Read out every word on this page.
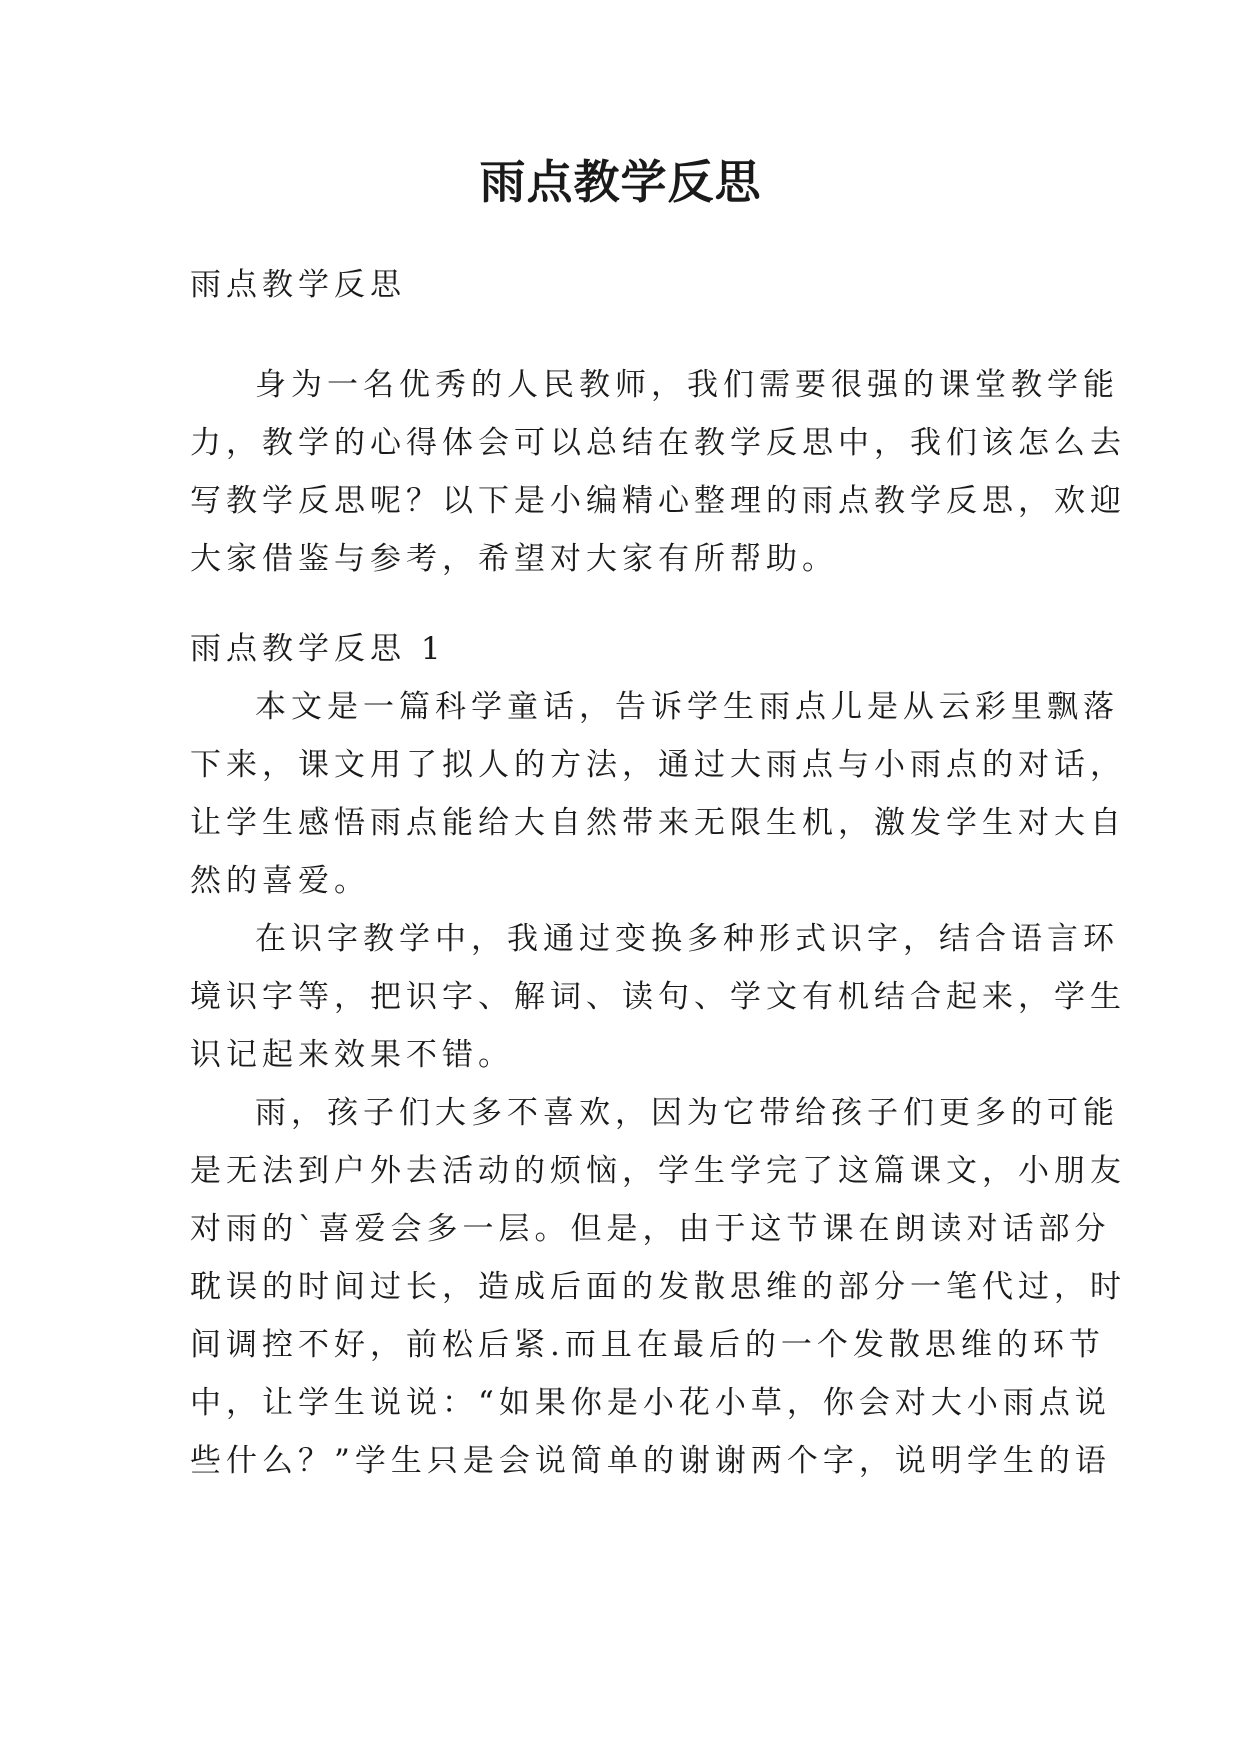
雨点教学反思

雨点教学反思

身为一名优秀的人民教师，我们需要很强的课堂教学能
力，教学的心得体会可以总结在教学反思中，我们该怎么去
写教学反思呢？以下是小编精心整理的雨点教学反思，欢迎
大家借鉴与参考，希望对大家有所帮助。

雨点教学反思 1

本文是一篇科学童话，告诉学生雨点儿是从云彩里飘落
下来，课文用了拟人的方法，通过大雨点与小雨点的对话，
让学生感悟雨点能给大自然带来无限生机，激发学生对大自
然的喜爱。

在识字教学中，我通过变换多种形式识字，结合语言环
境识字等，把识字、解词、读句、学文有机结合起来，学生
识记起来效果不错。

雨，孩子们大多不喜欢，因为它带给孩子们更多的可能
是无法到户外去活动的烦恼，学生学完了这篇课文，小朋友
对雨的`喜爱会多一层。但是，由于这节课在朗读对话部分
耽误的时间过长，造成后面的发散思维的部分一笔代过，时
间调控不好，前松后紧.而且在最后的一个发散思维的环节
中，让学生说说：“如果你是小花小草，你会对大小雨点说
些什么？”学生只是会说简单的谢谢两个字，说明学生的语
